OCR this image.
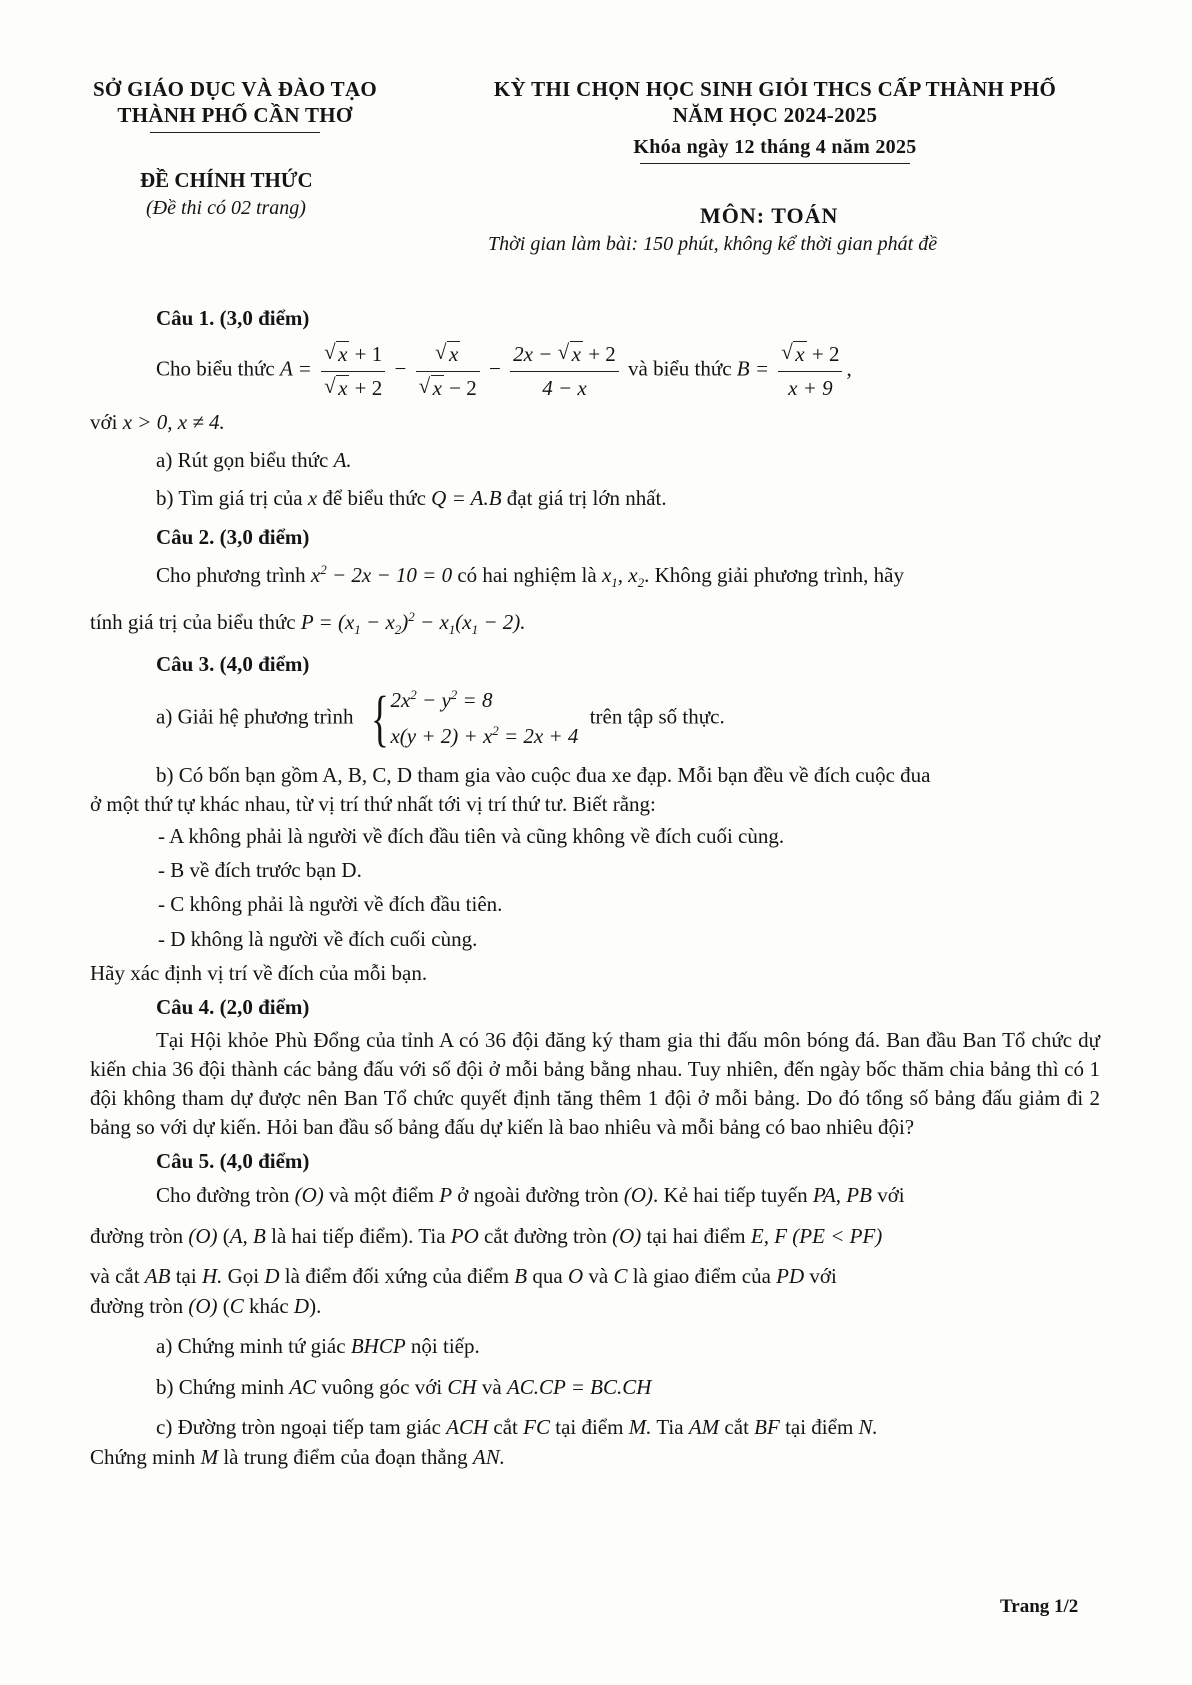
SỞ GIÁO DỤC VÀ ĐÀO TẠO
THÀNH PHỐ CẦN THƠ
ĐỀ CHÍNH THỨC
(Đề thi có 02 trang)
KỲ THI CHỌN HỌC SINH GIỎI THCS CẤP THÀNH PHỐ
NĂM HỌC 2024-2025
Khóa ngày 12 tháng 4 năm 2025
MÔN: TOÁN
Thời gian làm bài: 150 phút, không kể thời gian phát đề
Câu 1. (3,0 điểm)
Cho biểu thức A = √ x + 1
√ x + 2 − √ x
√ $x - 2 - \frac{2x - √ x + 2}{4 - x}$ và biểu thức B = √ $\frac{x + 2}{x + 9}$ ,
với x > 0, x ≠ 4.
a) Rút gọn biểu thức A.
b) Tìm giá trị của x để biểu thức Q = A.B đạt giá trị lớn nhất.
Câu 2. (3,0 điểm)
Cho phương trình $x^2 - 2x - 10 = 0$ có hai nghiệm là $x_1$, $x_2$. Không giải phương trình, hãy
tính giá trị của biểu thức $P = (x_1 - x_2)^2 - x_1(x_1 - 2)$.
Câu 3. (4,0 điểm)
a) Giải hệ phương trình { $2x^2 - y^2 = 8$
$x(y + 2) + x^2 = 2x + 4$
trên tập số thực.
b) Có bốn bạn gồm A, B, C, D tham gia vào cuộc đua xe đạp. Mỗi bạn đều về đích cuộc đua
ở một thứ tự khác nhau, từ vị trí thứ nhất tới vị trí thứ tư. Biết rằng:
- A không phải là người về đích đầu tiên và cũng không về đích cuối cùng.
- B về đích trước bạn D.
- C không phải là người về đích đầu tiên.
- D không là người về đích cuối cùng.
Hãy xác định vị trí về đích của mỗi bạn.
Câu 4. (2,0 điểm)
Tại Hội khỏe Phù Đổng của tỉnh A có 36 đội đăng ký tham gia thi đấu môn bóng đá. Ban đầu Ban Tổ chức dự kiến chia 36 đội thành các bảng đấu với số đội ở mỗi bảng bằng nhau. Tuy nhiên, đến ngày bốc thăm chia bảng thì có 1 đội không tham dự được nên Ban Tổ chức quyết định tăng thêm 1 đội ở mỗi bảng. Do đó tổng số bảng đấu giảm đi 2 bảng so với dự kiến. Hỏi ban đầu số bảng đấu dự kiến là bao nhiêu và mỗi bảng có bao nhiêu đội?
Câu 5. (4,0 điểm)
Cho đường tròn (O) và một điểm P ở ngoài đường tròn (O). Kẻ hai tiếp tuyến PA, PB với
đường tròn (O) (A, B là hai tiếp điểm). Tia PO cắt đường tròn (O) tại hai điểm E, F (PE < PF)
và cắt AB tại H. Gọi D là điểm đối xứng của điểm B qua O và C là giao điểm của PD với
đường tròn (O) (C khác D).
a) Chứng minh tứ giác BHCP nội tiếp.
b) Chứng minh AC vuông góc với CH và AC.CP = BC.CH
c) Đường tròn ngoại tiếp tam giác ACH cắt FC tại điểm M. Tia AM cắt BF tại điểm N.
Chứng minh M là trung điểm của đoạn thẳng AN.
Trang 1/2
